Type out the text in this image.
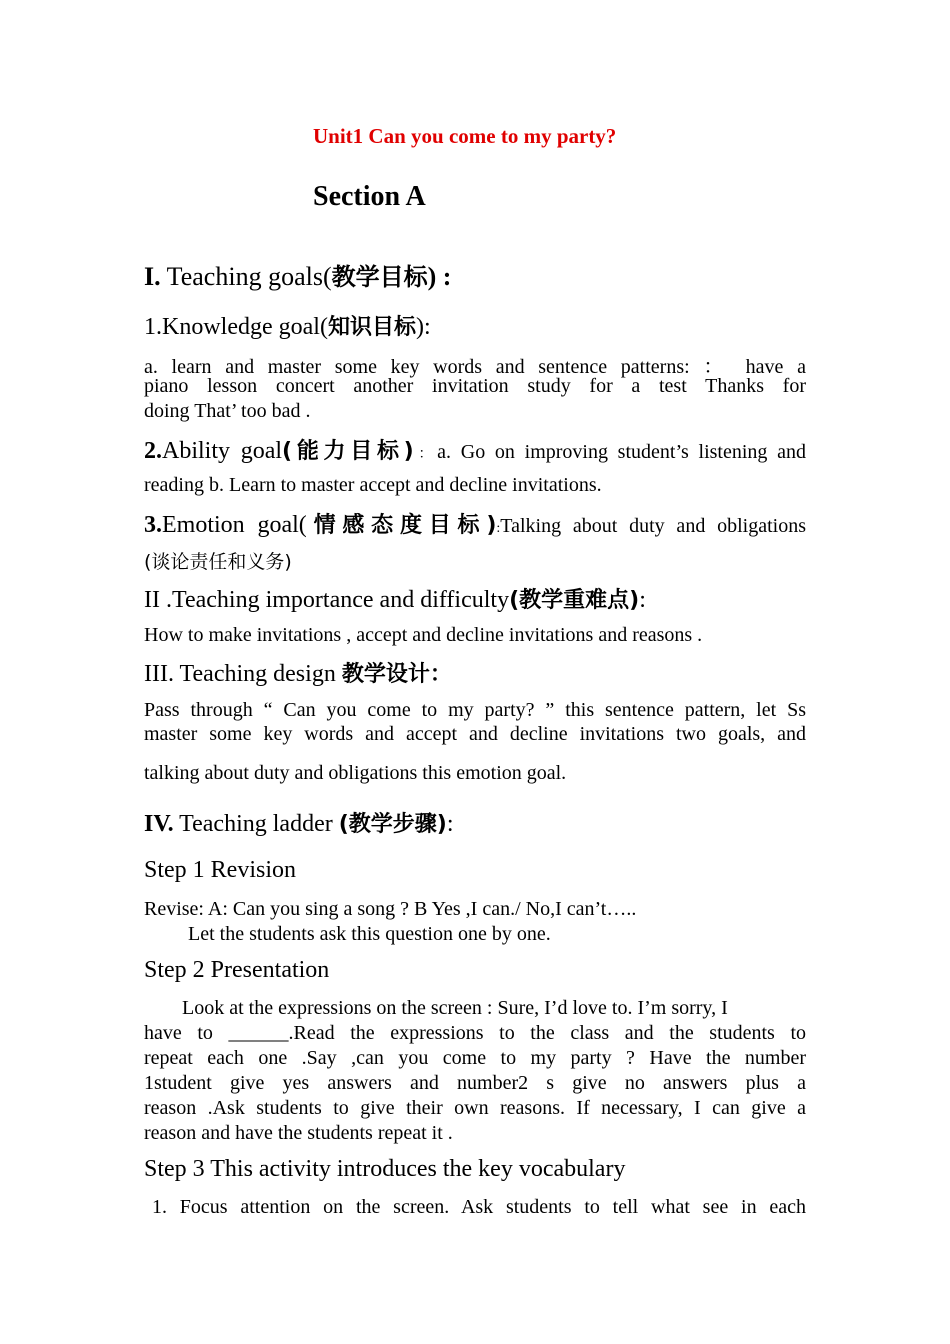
Unit1 Can you come to my party?
Section A
I. Teaching goals(教学目标) :
1.Knowledge goal(知识目标):
a. learn and master some key words and sentence patterns: ： have a
piano lesson concert another invitation study for a test Thanks for
doing That’ too bad .
2.Ability goal(能力目标)：a. Go on improving student’s listening and
reading b. Learn to master accept and decline invitations.
3.Emotion goal(情感态度目标):Talking about duty and obligations
(谈论责任和义务)
II .Teaching importance and difficulty(教学重难点):
How to make invitations , accept and decline invitations and reasons .
III. Teaching design 教学设计：
Pass through “ Can you come to my party? ” this sentence pattern, let Ss
master some key words and accept and decline invitations two goals, and
talking about duty and obligations this emotion goal.
IV. Teaching ladder (教学步骤):
Step 1 Revision
Revise: A: Can you sing a song ? B Yes ,I can./ No,I can’t…..
Let the students ask this question one by one.
Step 2 Presentation
Look at the expressions on the screen : Sure, I’d love to. I’m sorry, I
have to ______.Read the expressions to the class and the students to
repeat each one .Say ,can you come to my party ? Have the number
1student give yes answers and number2 s give no answers plus a
reason .Ask students to give their own reasons. If necessary, I can give a
reason and have the students repeat it .
Step 3 This activity introduces the key vocabulary
1. Focus attention on the screen. Ask students to tell what see in each
